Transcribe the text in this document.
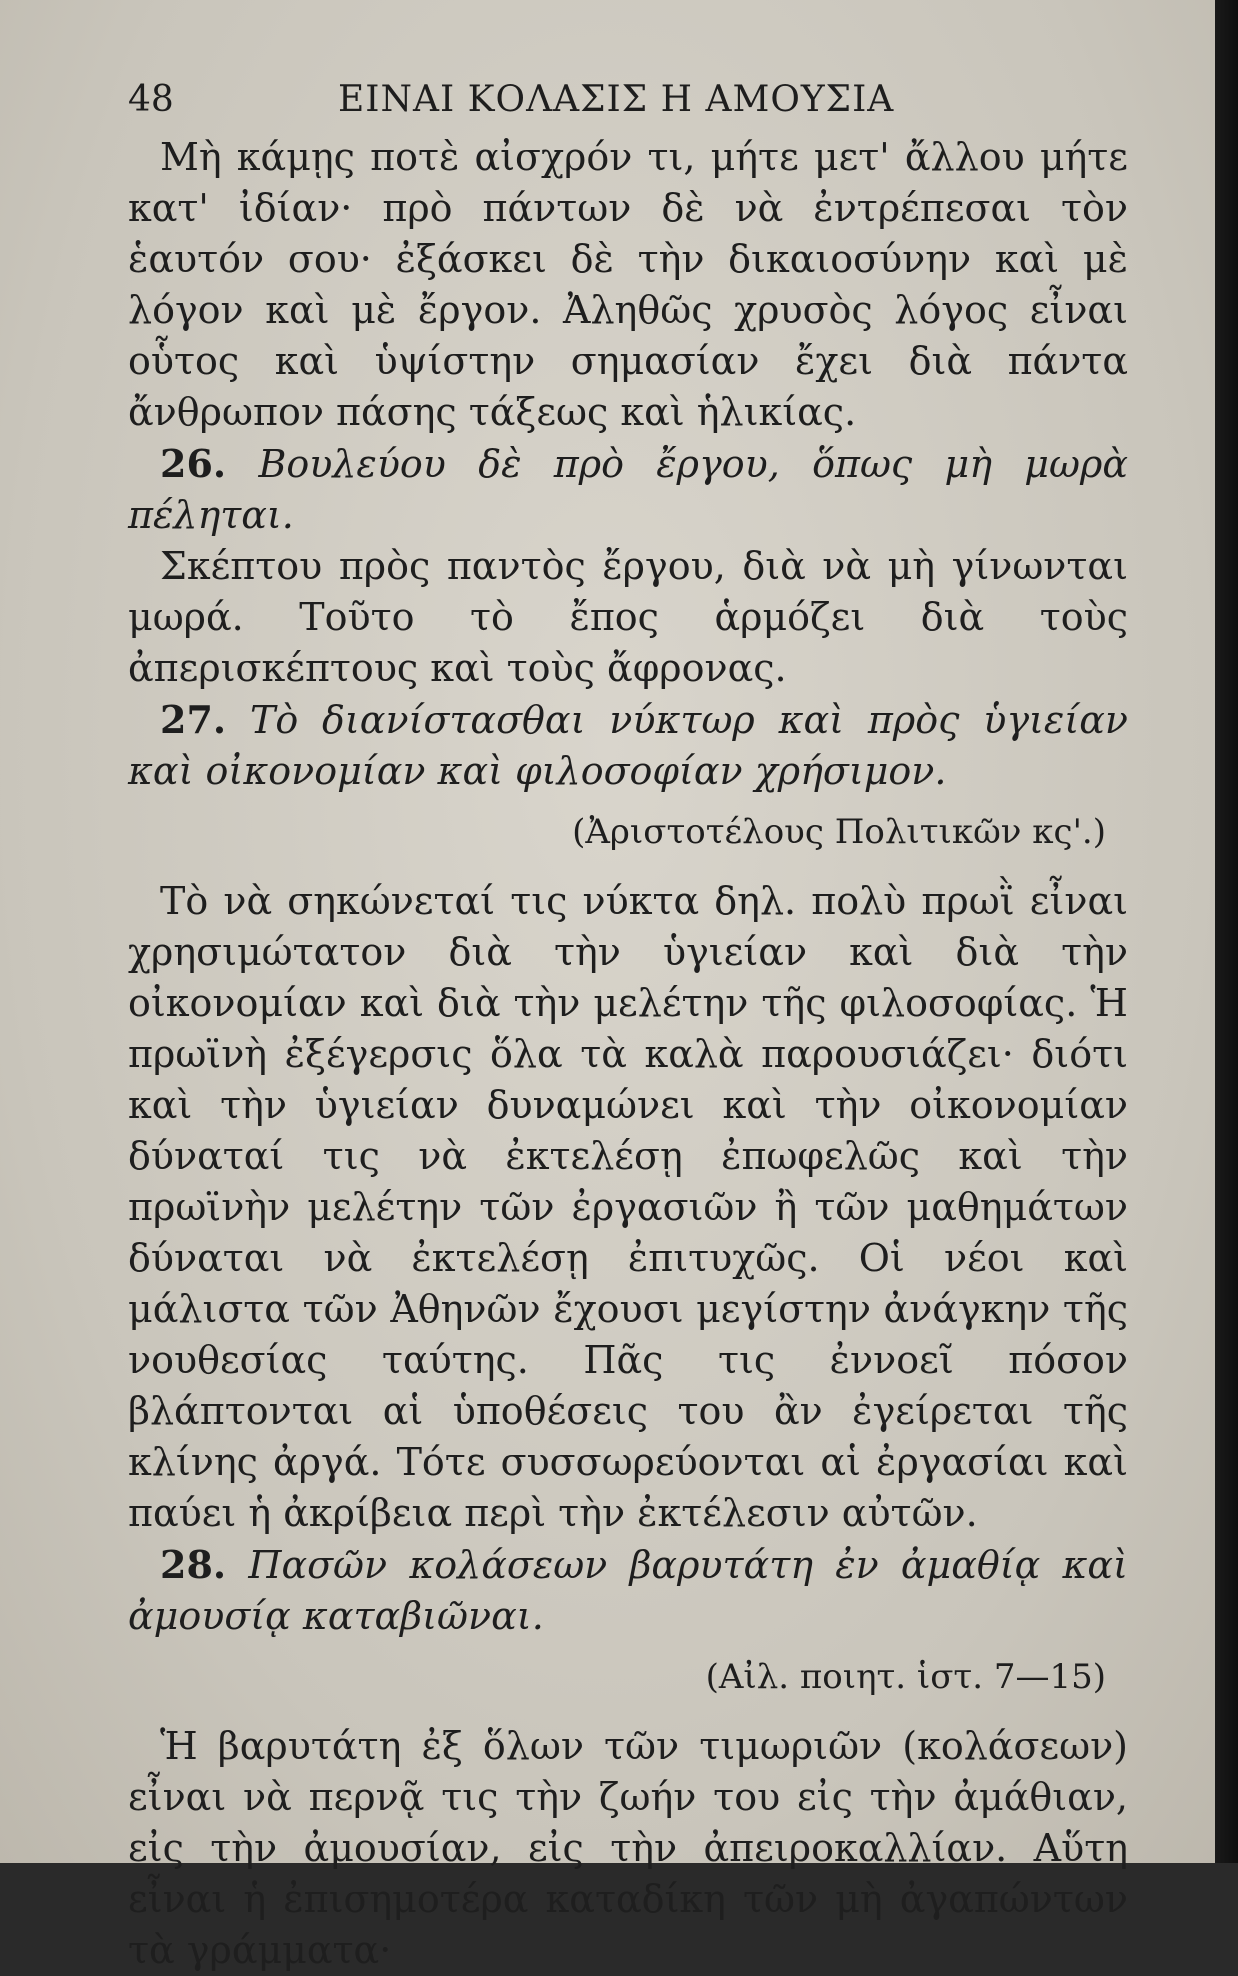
48	ΕΙΝΑΙ ΚΟΛΑΣΙΣ Η ΑΜΟΥΣΙΑ

Μὴ κάμῃς ποτὲ αἰσχρόν τι, μήτε μετ' ἄλλου μήτε κατ' ἰδίαν· πρὸ πάντων δὲ νὰ ἐντρέπεσαι τὸν ἑαυτόν σου· ἐξάσκει δὲ τὴν δικαιοσύνην καὶ μὲ λόγον καὶ μὲ ἔργον. Ἀληθῶς χρυσὸς λόγος εἶναι οὗτος καὶ ὑψίστην σημασίαν ἔχει διὰ πάντα ἄνθρωπον πάσης τάξεως καὶ ἡλικίας.

26. Βουλεύου δὲ πρὸ ἔργου, ὅπως μὴ μωρὰ πέληται.

Σκέπτου πρὸς παντὸς ἔργου, διὰ νὰ μὴ γίνωνται μωρά. Τοῦτο τὸ ἔπος ἁρμόζει διὰ τοὺς ἀπερισκέπτους καὶ τοὺς ἄφρονας.

27. Τὸ διανίστασθαι νύκτωρ καὶ πρὸς ὑγιείαν καὶ οἰκονομίαν καὶ φιλοσοφίαν χρήσιμον.

(Ἀριστοτέλους Πολιτικῶν κς'.)

Τὸ νὰ σηκώνεταί τις νύκτα δηλ. πολὺ πρωῒ εἶναι χρησιμώτατον διὰ τὴν ὑγιείαν καὶ διὰ τὴν οἰκονομίαν καὶ διὰ τὴν μελέτην τῆς φιλοσοφίας. Ἡ πρωϊνὴ ἐξέγερσις ὅλα τὰ καλὰ παρουσιάζει· διότι καὶ τὴν ὑγιείαν δυναμώνει καὶ τὴν οἰκονομίαν δύναταί τις νὰ ἐκτελέσῃ ἐπωφελῶς καὶ τὴν πρωϊνὴν μελέτην τῶν ἐργασιῶν ἢ τῶν μαθημάτων δύναται νὰ ἐκτελέσῃ ἐπιτυχῶς. Οἱ νέοι καὶ μάλιστα τῶν Ἀθηνῶν ἔχουσι μεγίστην ἀνάγκην τῆς νουθεσίας ταύτης. Πᾶς τις ἐννοεῖ πόσον βλάπτονται αἱ ὑποθέσεις του ἂν ἐγείρεται τῆς κλίνης ἀργά. Τότε συσσωρεύονται αἱ ἐργασίαι καὶ παύει ἡ ἀκρίβεια περὶ τὴν ἐκτέλεσιν αὐτῶν.

28. Πασῶν κολάσεων βαρυτάτη ἐν ἀμαθίᾳ καὶ ἀμουσίᾳ καταβιῶναι.

(Αἰλ. ποιητ. ἱστ. 7—15)

Ἡ βαρυτάτη ἐξ ὅλων τῶν τιμωριῶν (κολάσεων) εἶναι νὰ περνᾷ τις τὴν ζωήν του εἰς τὴν ἀμάθιαν, εἰς τὴν ἀμουσίαν, εἰς τὴν ἀπειροκαλλίαν. Αὕτη εἶναι ἡ ἐπισημοτέρα καταδίκη τῶν μὴ ἀγαπώντων τὰ γράμματα·
